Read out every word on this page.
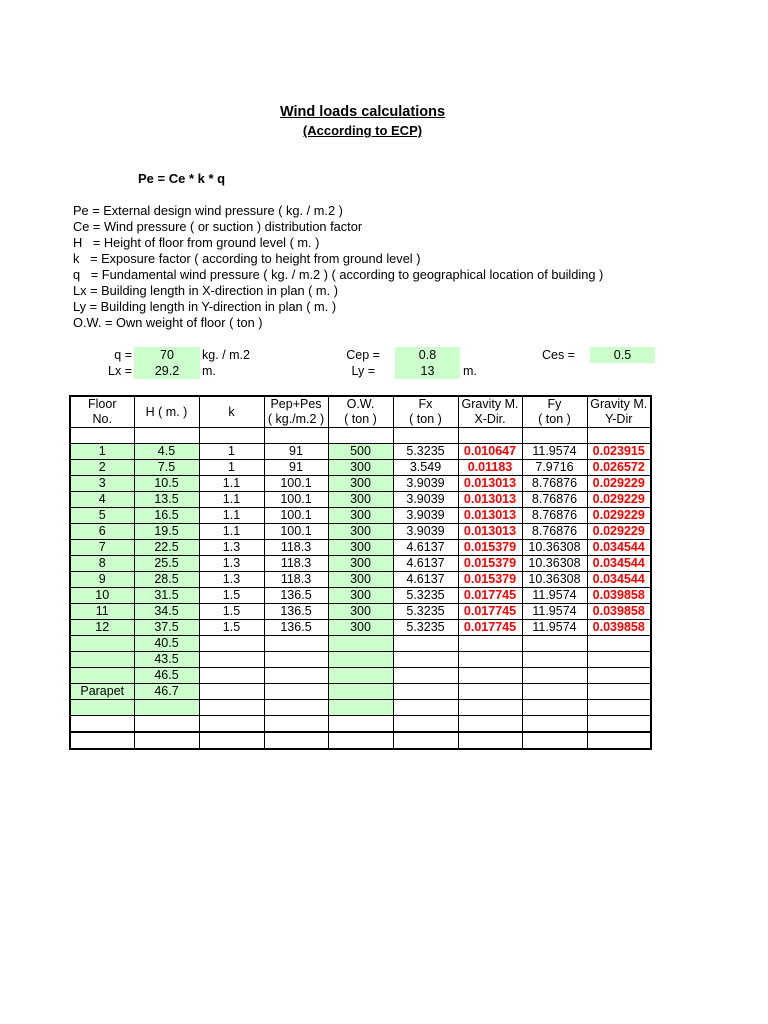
Wind loads calculations
(According to ECP)
Pe = Ce * k * q
Pe = External design wind pressure ( kg. / m.2 )
Ce = Wind pressure ( or suction ) distribution factor
H   = Height of floor from ground level ( m. )
k   = Exposure factor ( according to height from ground level )
q   = Fundamental wind pressure ( kg. / m.2 ) ( according to geographical location of building )
Lx = Building length in X-direction in plan ( m. )
Ly = Building length in Y-direction in plan ( m. )
O.W. = Own weight of floor ( ton )
q =	70	kg. / m.2
Lx =	29.2	m.
Cep =	0.8
Ly =	13	m.
Ces =	0.5
Floor	H ( m. )	k	Pep+Pes	O.W.	Fx	Gravity M.	Fy	Gravity M.
No.			( kg./m.2 )	( ton )	( ton )	X-Dir.	( ton )	Y-Dir

1	4.5	1	91	500	5.3235	0.010647	11.9574	0.023915
2	7.5	1	91	300	3.549	0.01183	7.9716	0.026572
3	10.5	1.1	100.1	300	3.9039	0.013013	8.76876	0.029229
4	13.5	1.1	100.1	300	3.9039	0.013013	8.76876	0.029229
5	16.5	1.1	100.1	300	3.9039	0.013013	8.76876	0.029229
6	19.5	1.1	100.1	300	3.9039	0.013013	8.76876	0.029229
7	22.5	1.3	118.3	300	4.6137	0.015379	10.36308	0.034544
8	25.5	1.3	118.3	300	4.6137	0.015379	10.36308	0.034544
9	28.5	1.3	118.3	300	4.6137	0.015379	10.36308	0.034544
10	31.5	1.5	136.5	300	5.3235	0.017745	11.9574	0.039858
11	34.5	1.5	136.5	300	5.3235	0.017745	11.9574	0.039858
12	37.5	1.5	136.5	300	5.3235	0.017745	11.9574	0.039858
	40.5							
	43.5							
	46.5							
Parapet	46.7							
